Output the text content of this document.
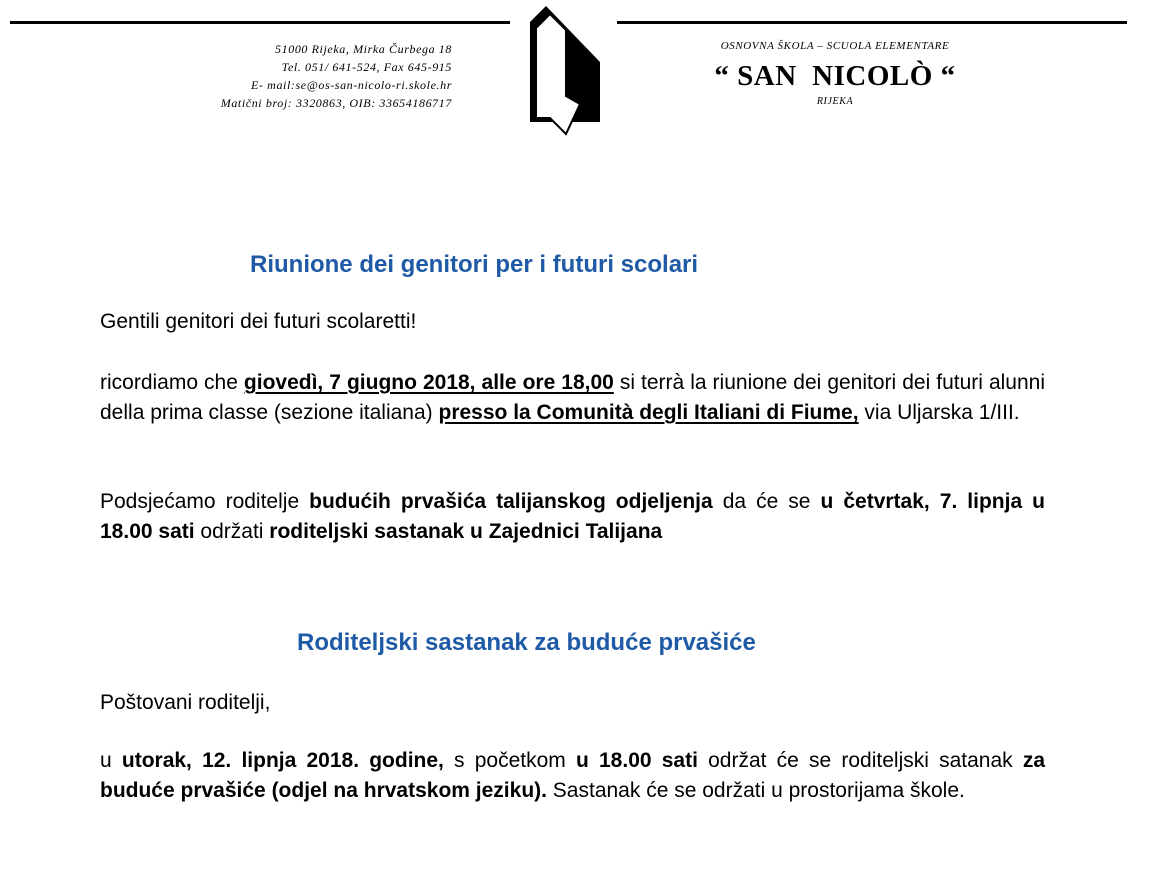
51000 Rijeka, Mirka Čurbega 18
Tel. 051/ 641-524, Fax 645-915
E- mail:se@os-san-nicolo-ri.skole.hr
Matični broj: 3320863, OIB: 33654186717
OSNOVNA ŠKOLA – SCUOLA ELEMENTARE
“ SAN  NICOLÒ “
RIJEKA
Riunione dei genitori per i futuri scolari
Gentili genitori dei futuri scolaretti!
ricordiamo che giovedì, 7 giugno 2018, alle ore 18,00 si terrà la riunione dei genitori dei futuri alunni della prima classe (sezione italiana) presso la Comunità degli Italiani di Fiume, via Uljarska 1/III.
Podsjećamo roditelje budućih prvašića talijanskog odjeljenja da će se u četvrtak, 7. lipnja u 18.00 sati održati roditeljski sastanak u Zajednici Talijana
Roditeljski sastanak za buduće prvašiće
Poštovani roditelji,
u utorak, 12. lipnja 2018. godine, s početkom u 18.00 sati održat će se roditeljski satanak za buduće prvašiće (odjel na hrvatskom jeziku). Sastanak će se održati u prostorijama škole.
